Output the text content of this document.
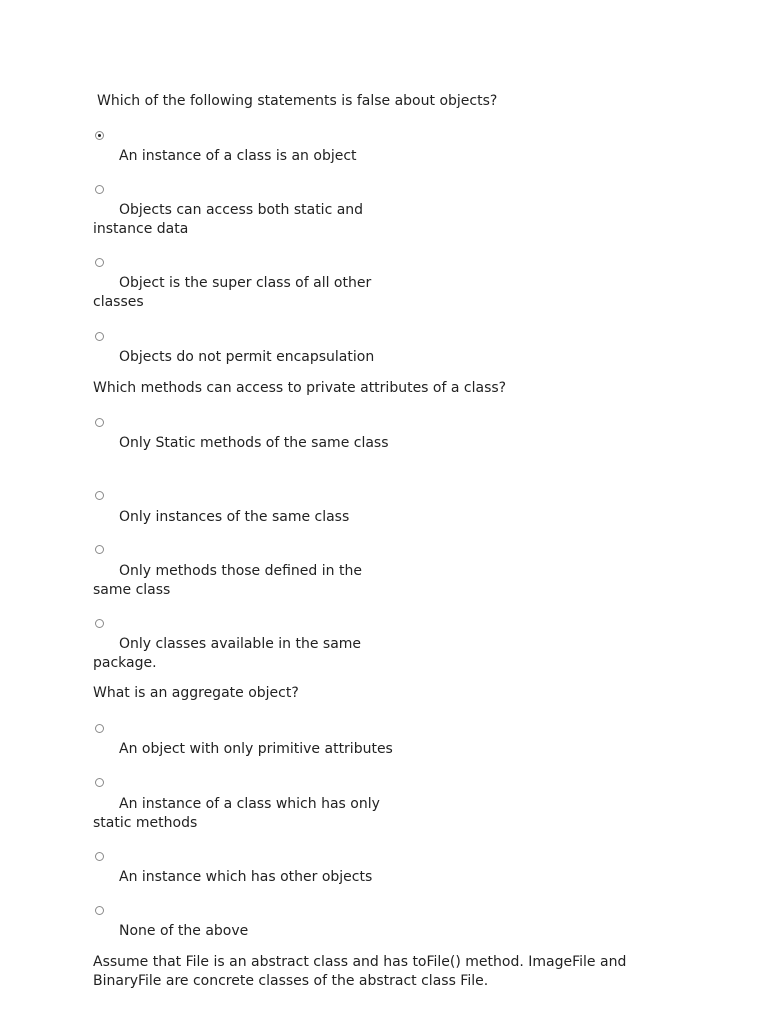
Which of the following statements is false about objects?

An instance of a class is an object

Objects can access both static and instance data

Object is the super class of all other classes

Objects do not permit encapsulation

Which methods can access to private attributes of a class?

Only Static methods of the same class

Only instances of the same class

Only methods those defined in the same class

Only classes available in the same package.

What is an aggregate object?

An object with only primitive attributes

An instance of a class which has only static methods

An instance which has other objects

None of the above

Assume that File is an abstract class and has toFile() method. ImageFile and BinaryFile are concrete classes of the abstract class File.
